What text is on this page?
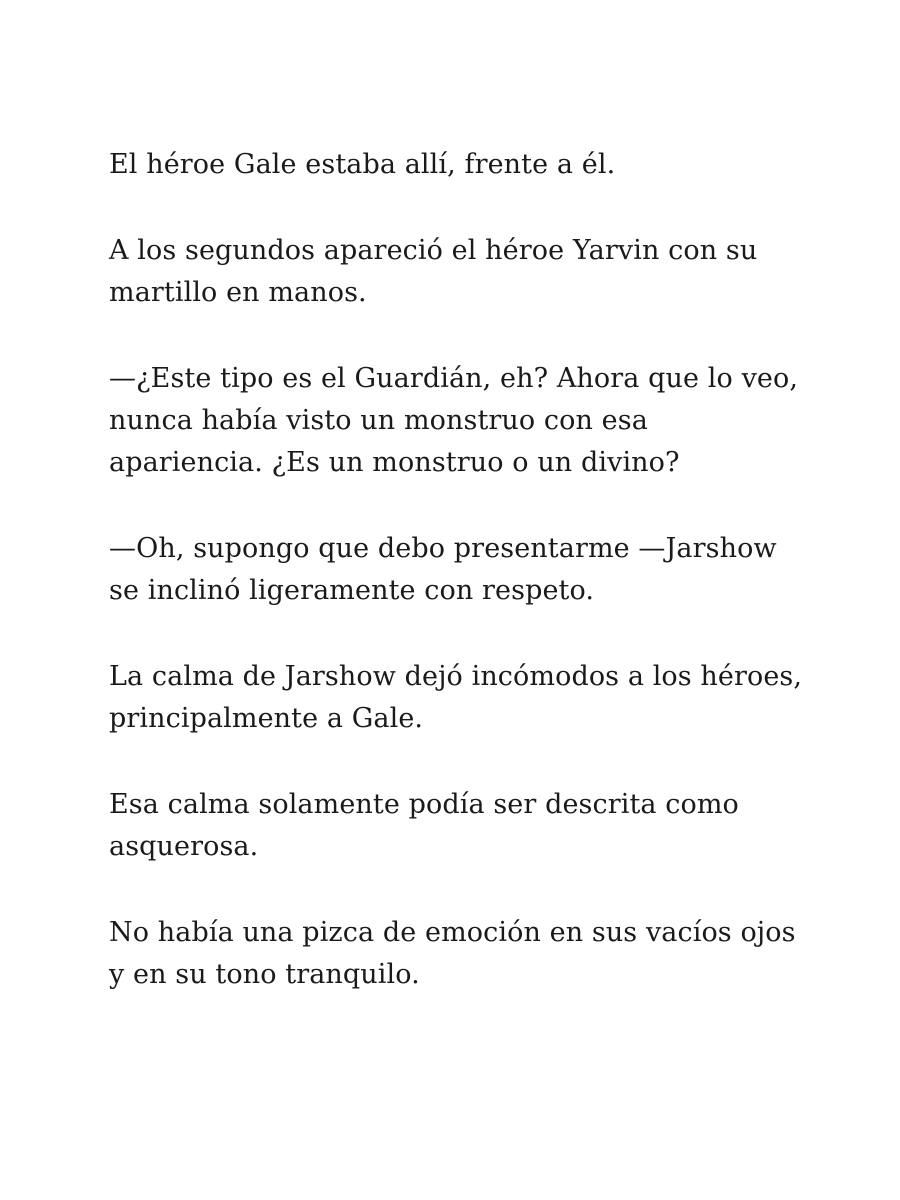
El héroe Gale estaba allí, frente a él.

A los segundos apareció el héroe Yarvin con su martillo en manos.

—¿Este tipo es el Guardián, eh? Ahora que lo veo, nunca había visto un monstruo con esa apariencia. ¿Es un monstruo o un divino?

—Oh, supongo que debo presentarme —Jarshow se inclinó ligeramente con respeto.

La calma de Jarshow dejó incómodos a los héroes, principalmente a Gale.

Esa calma solamente podía ser descrita como asquerosa.

No había una pizca de emoción en sus vacíos ojos y en su tono tranquilo.
